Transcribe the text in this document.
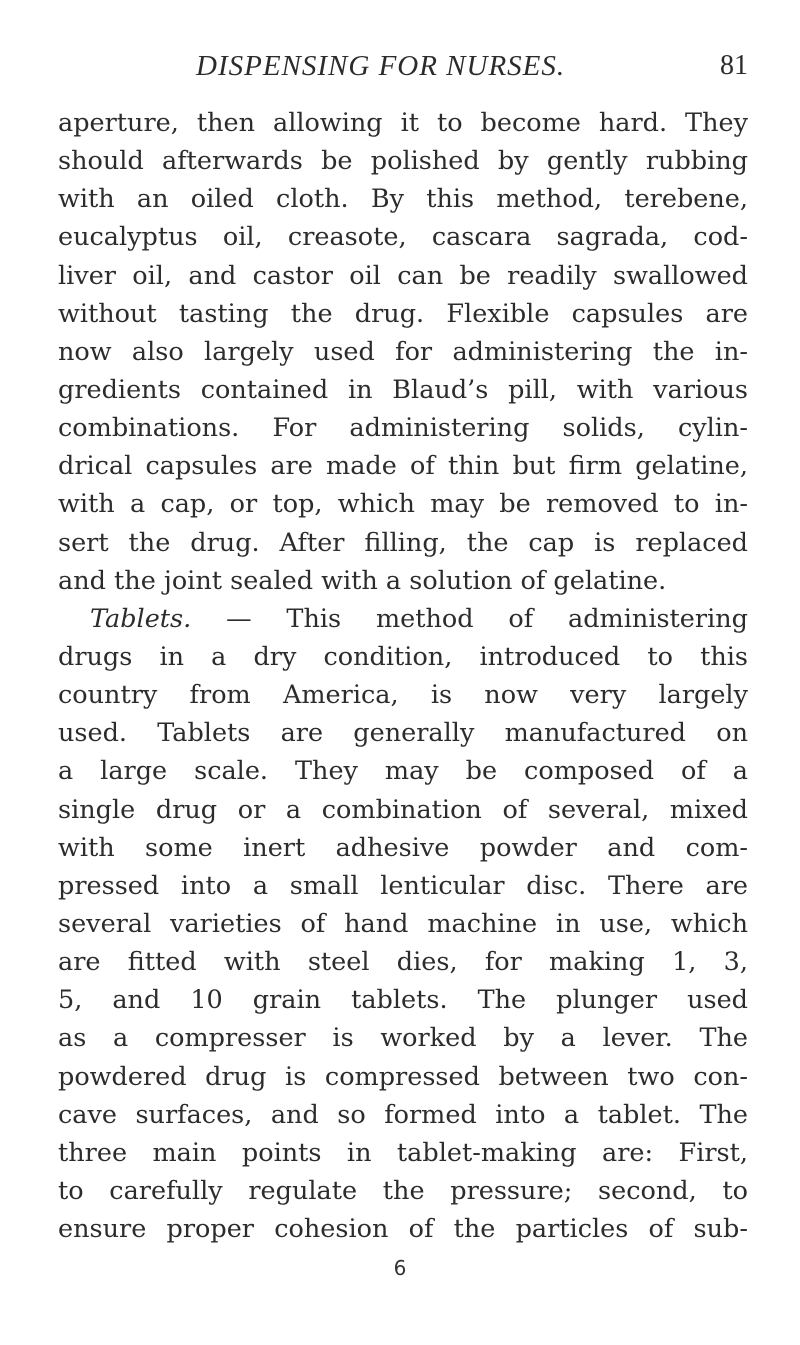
DISPENSING FOR NURSES.	81
aperture, then allowing it to become hard. They
should afterwards be polished by gently rubbing
with an oiled cloth. By this method, terebene,
eucalyptus oil, creasote, cascara sagrada, cod-
liver oil, and castor oil can be readily swallowed
without tasting the drug. Flexible capsules are
now also largely used for administering the in-
gredients contained in Blaud’s pill, with various
combinations. For administering solids, cylin-
drical capsules are made of thin but firm gelatine,
with a cap, or top, which may be removed to in-
sert the drug. After filling, the cap is replaced
and the joint sealed with a solution of gelatine.
Tablets. — This method of administering
drugs in a dry condition, introduced to this
country from America, is now very largely
used. Tablets are generally manufactured on
a large scale. They may be composed of a
single drug or a combination of several, mixed
with some inert adhesive powder and com-
pressed into a small lenticular disc. There are
several varieties of hand machine in use, which
are fitted with steel dies, for making 1, 3,
5, and 10 grain tablets. The plunger used
as a compresser is worked by a lever. The
powdered drug is compressed between two con-
cave surfaces, and so formed into a tablet. The
three main points in tablet-making are: First,
to carefully regulate the pressure; second, to
ensure proper cohesion of the particles of sub-
6
